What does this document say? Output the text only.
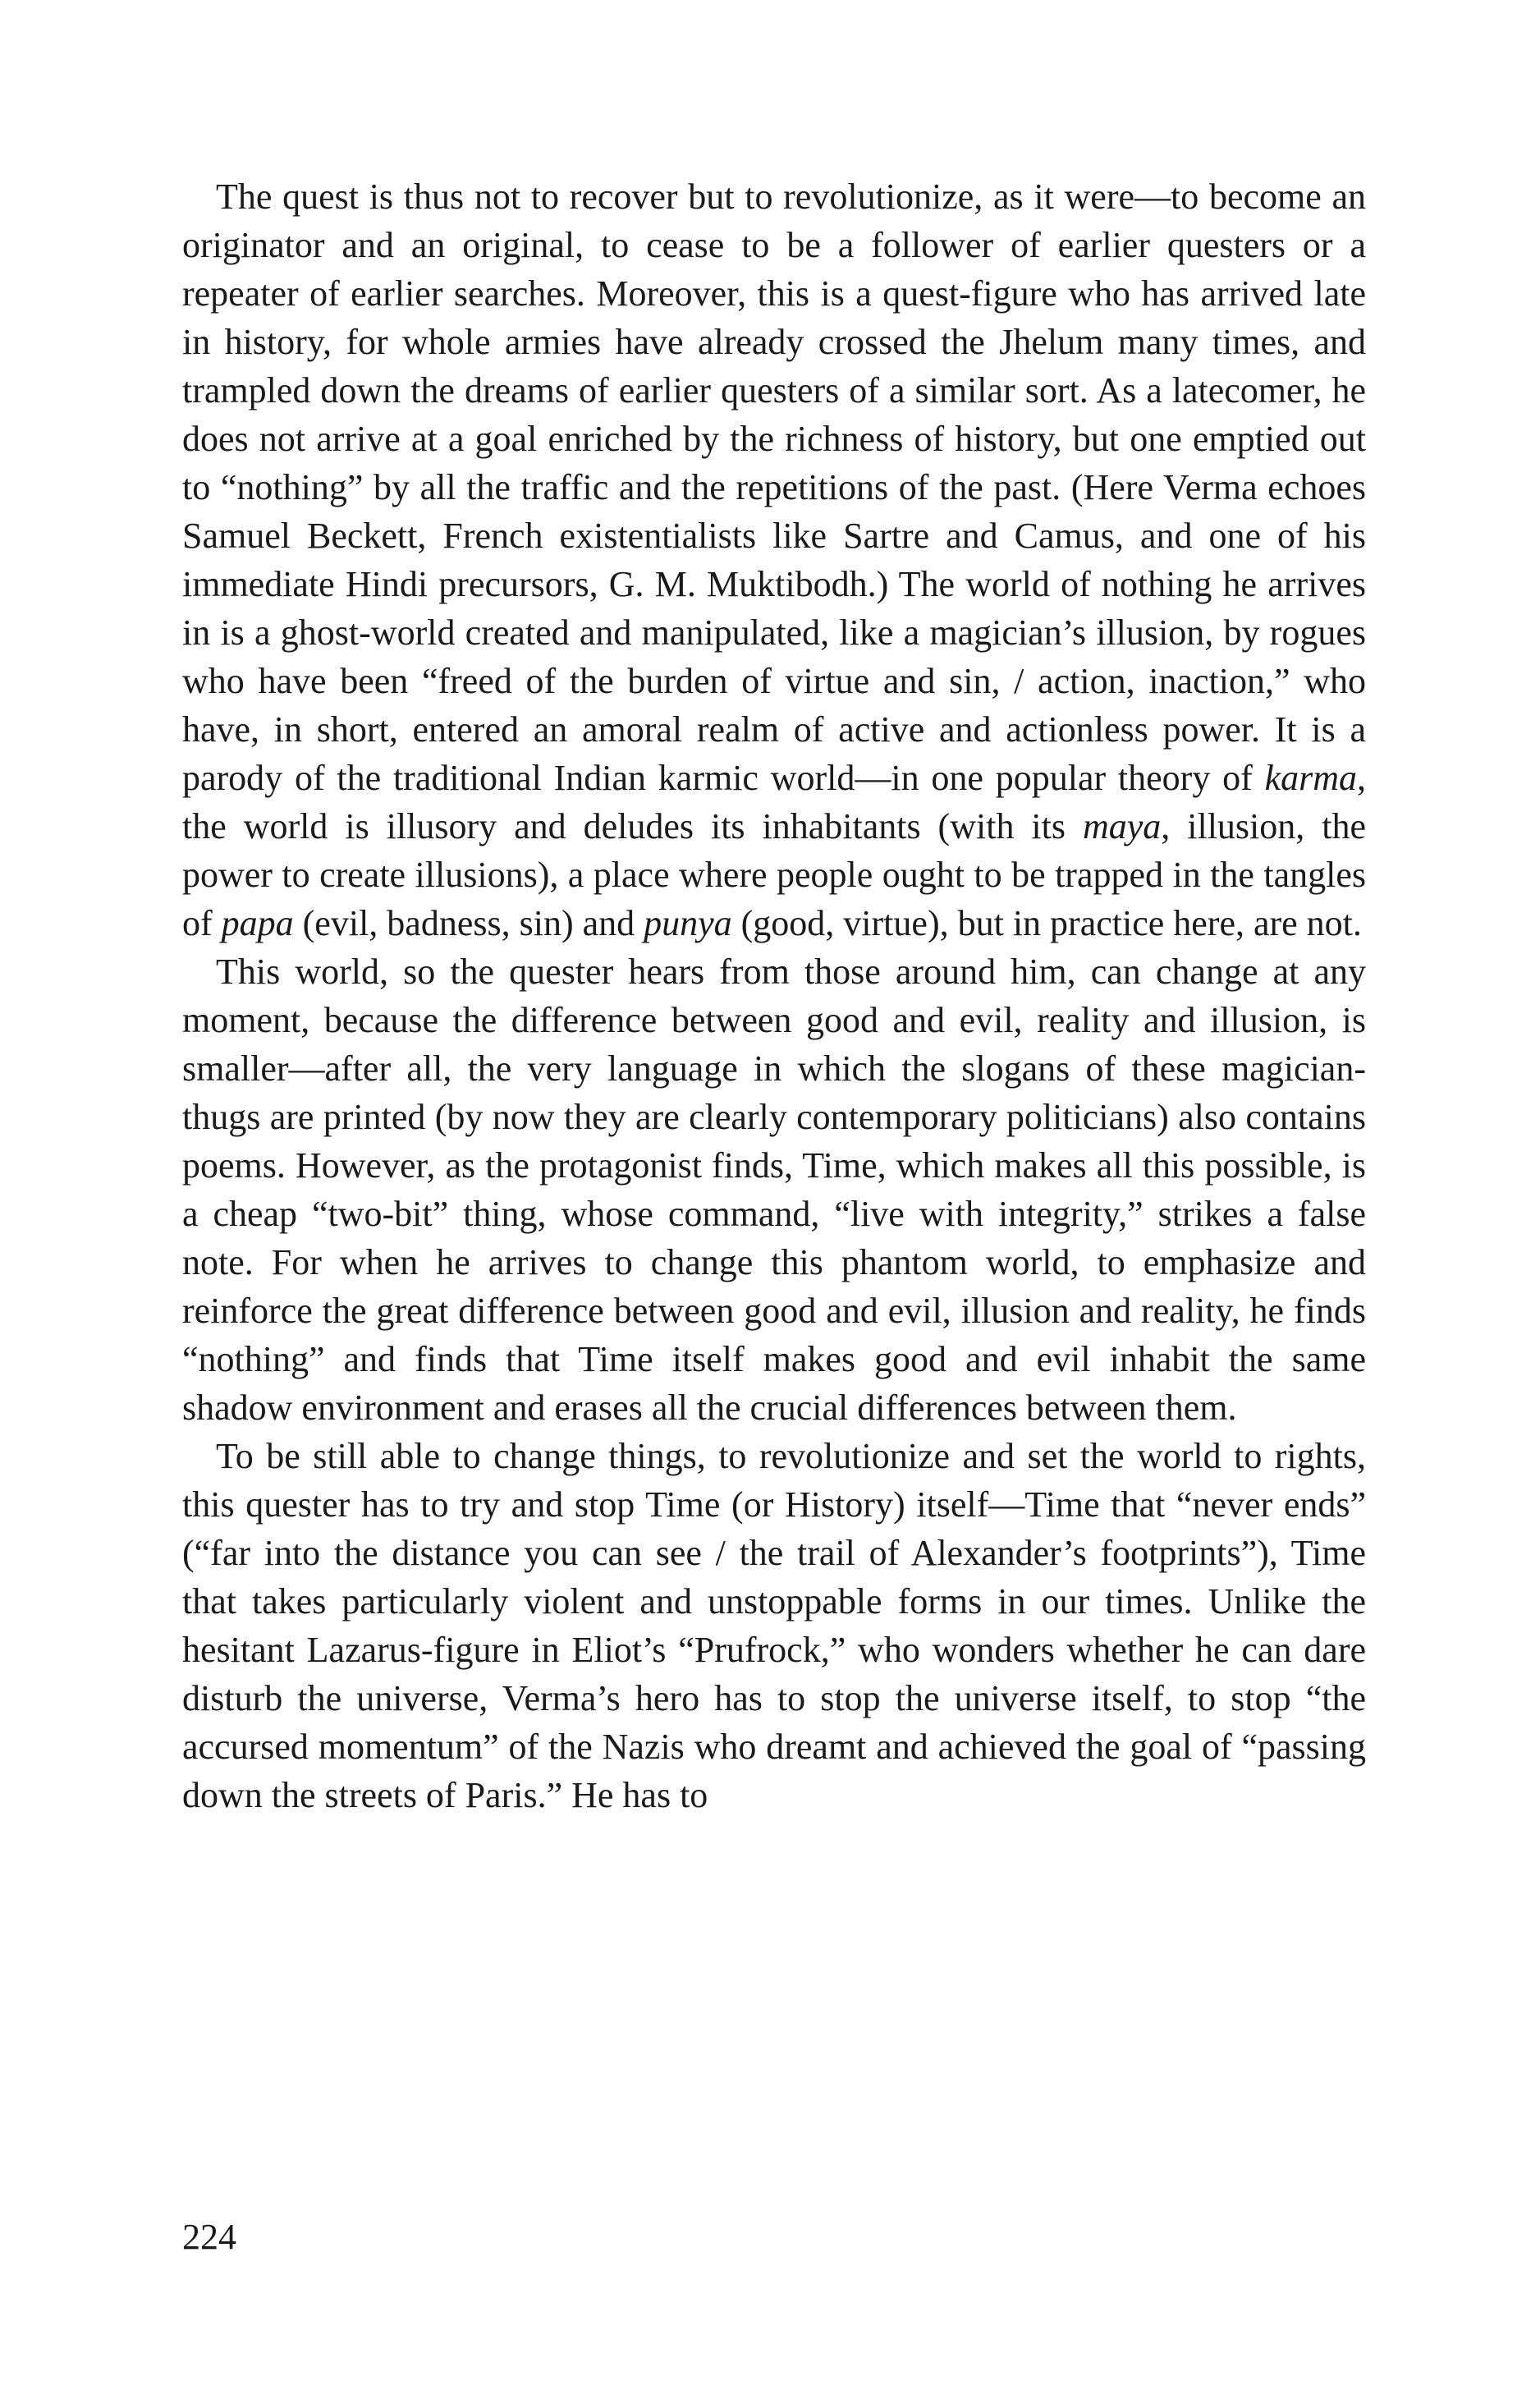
The quest is thus not to recover but to revolutionize, as it were—to become an originator and an original, to cease to be a follower of earlier questers or a repeater of earlier searches. Moreover, this is a quest-figure who has arrived late in history, for whole armies have already crossed the Jhelum many times, and trampled down the dreams of earlier questers of a similar sort. As a latecomer, he does not arrive at a goal enriched by the richness of history, but one emptied out to “nothing” by all the traffic and the repetitions of the past. (Here Verma echoes Samuel Beckett, French existentialists like Sartre and Camus, and one of his immediate Hindi precursors, G. M. Muktibodh.) The world of nothing he arrives in is a ghost-world created and manipulated, like a magician’s illusion, by rogues who have been “freed of the burden of virtue and sin, / action, inaction,” who have, in short, entered an amoral realm of active and actionless power. It is a parody of the traditional Indian karmic world—in one popular theory of karma, the world is illusory and deludes its inhabitants (with its maya, illusion, the power to create illusions), a place where people ought to be trapped in the tangles of papa (evil, badness, sin) and punya (good, virtue), but in practice here, are not.

This world, so the quester hears from those around him, can change at any moment, because the difference between good and evil, reality and illusion, is smaller—after all, the very language in which the slogans of these magician-thugs are printed (by now they are clearly contemporary politicians) also contains poems. However, as the protagonist finds, Time, which makes all this possible, is a cheap “two-bit” thing, whose command, “live with integrity,” strikes a false note. For when he arrives to change this phantom world, to emphasize and reinforce the great difference between good and evil, illusion and reality, he finds “nothing” and finds that Time itself makes good and evil inhabit the same shadow environment and erases all the crucial differences between them.

To be still able to change things, to revolutionize and set the world to rights, this quester has to try and stop Time (or History) itself—Time that “never ends” (“far into the distance you can see / the trail of Alexander’s footprints”), Time that takes particularly violent and unstoppable forms in our times. Unlike the hesitant Lazarus-figure in Eliot’s “Prufrock,” who wonders whether he can dare disturb the universe, Verma’s hero has to stop the universe itself, to stop “the accursed momentum” of the Nazis who dreamt and achieved the goal of “passing down the streets of Paris.” He has to

224
